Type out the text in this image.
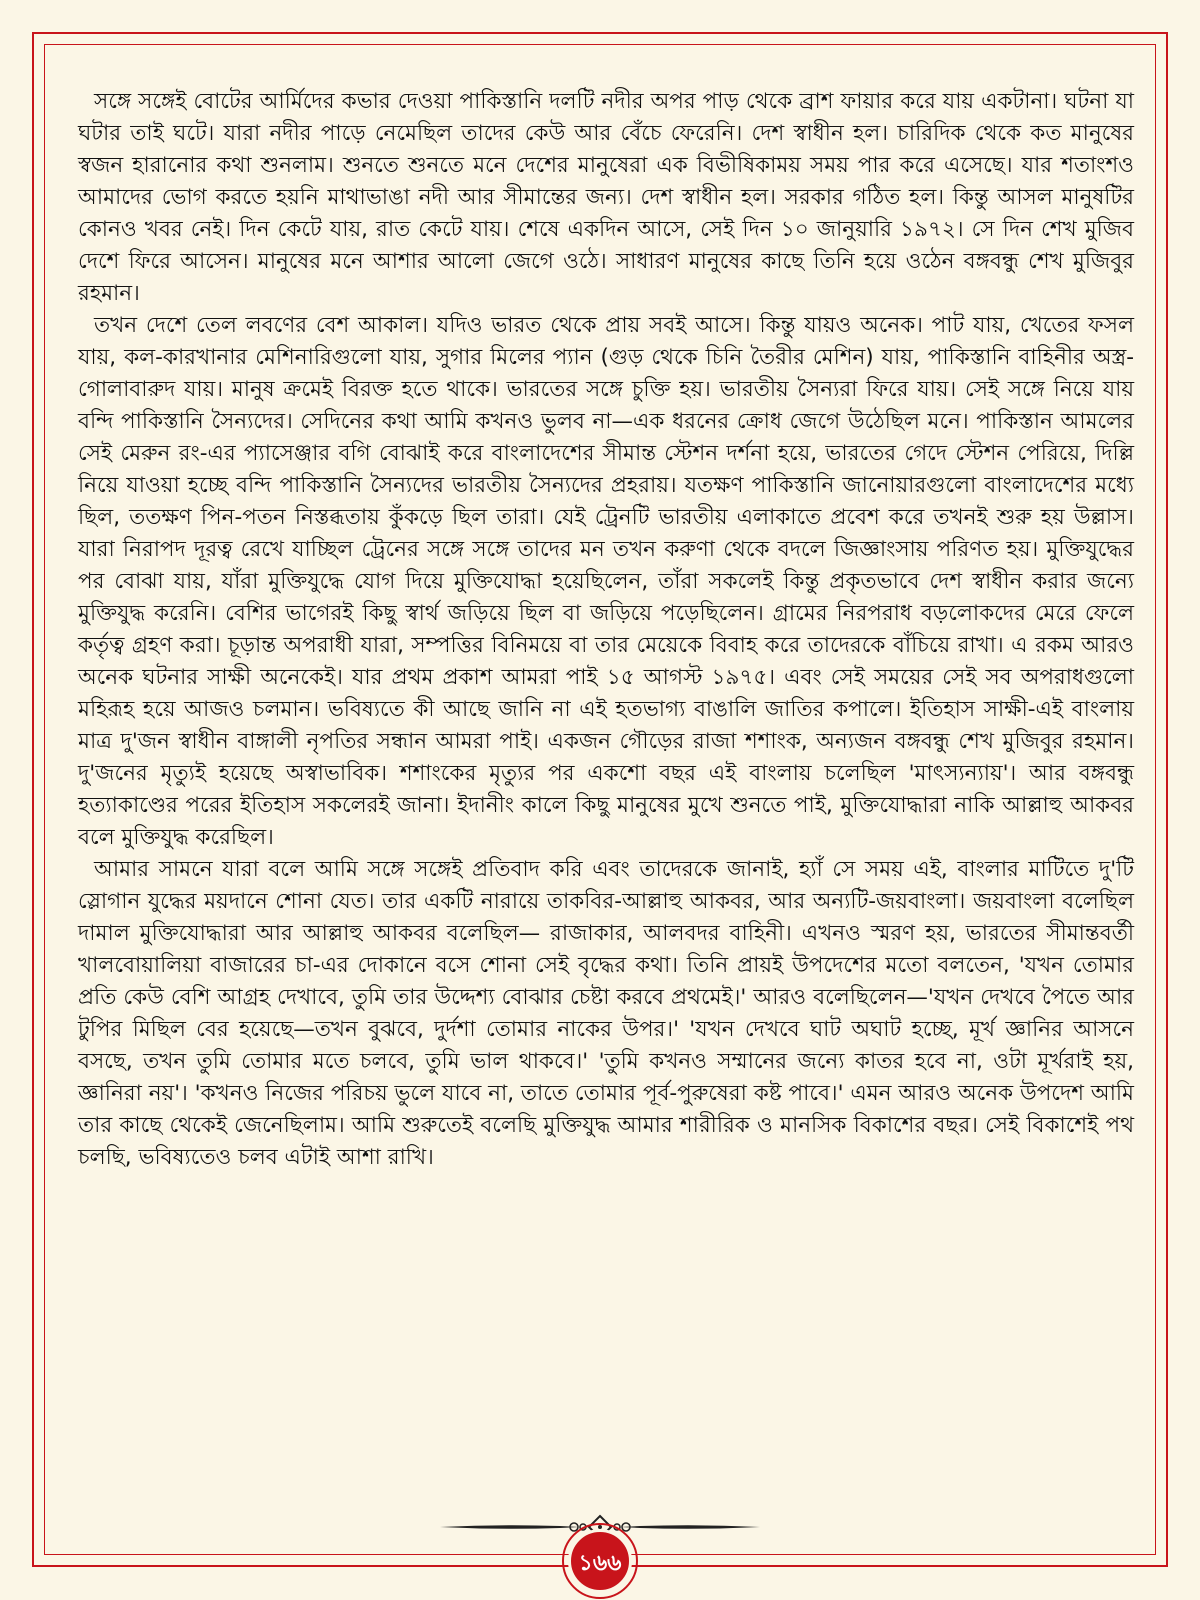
সঙ্গে সঙ্গেই বোটের আর্মিদের কভার দেওয়া পাকিস্তানি দলটি নদীর অপর পাড় থেকে ব্রাশ ফায়ার করে যায় একটানা। ঘটনা যা ঘটার তাই ঘটে। যারা নদীর পাড়ে নেমেছিল তাদের কেউ আর বেঁচে ফেরেনি। দেশ স্বাধীন হল। চারিদিক থেকে কত মানুষের স্বজন হারানোর কথা শুনলাম। শুনতে শুনতে মনে দেশের মানুষেরা এক বিভীষিকাময় সময় পার করে এসেছে। যার শতাংশও আমাদের ভোগ করতে হয়নি মাথাভাঙা নদী আর সীমান্তের জন্য। দেশ স্বাধীন হল। সরকার গঠিত হল। কিন্তু আসল মানুষটির কোনও খবর নেই। দিন কেটে যায়, রাত কেটে যায়। শেষে একদিন আসে, সেই দিন ১০ জানুয়ারি ১৯৭২। সে দিন শেখ মুজিব দেশে ফিরে আসেন। মানুষের মনে আশার আলো জেগে ওঠে। সাধারণ মানুষের কাছে তিনি হয়ে ওঠেন বঙ্গবন্ধু শেখ মুজিবুর রহমান।

তখন দেশে তেল লবণের বেশ আকাল। যদিও ভারত থেকে প্রায় সবই আসে। কিন্তু যায়ও অনেক। পাট যায়, খেতের ফসল যায়, কল-কারখানার মেশিনারিগুলো যায়, সুগার মিলের প্যান (গুড় থেকে চিনি তৈরীর মেশিন) যায়, পাকিস্তানি বাহিনীর অস্ত্র-গোলাবারুদ যায়। মানুষ ক্রমেই বিরক্ত হতে থাকে। ভারতের সঙ্গে চুক্তি হয়। ভারতীয় সৈন্যরা ফিরে যায়। সেই সঙ্গে নিয়ে যায় বন্দি পাকিস্তানি সৈন্যদের। সেদিনের কথা আমি কখনও ভুলব না—এক ধরনের ক্রোধ জেগে উঠেছিল মনে। পাকিস্তান আমলের সেই মেরুন রং-এর প্যাসেঞ্জার বগি বোঝাই করে বাংলাদেশের সীমান্ত স্টেশন দর্শনা হয়ে, ভারতের গেদে স্টেশন পেরিয়ে, দিল্লি নিয়ে যাওয়া হচ্ছে বন্দি পাকিস্তানি সৈন্যদের ভারতীয় সৈন্যদের প্রহরায়। যতক্ষণ পাকিস্তানি জানোয়ারগুলো বাংলাদেশের মধ্যে ছিল, ততক্ষণ পিন-পতন নিস্তব্ধতায় কুঁকড়ে ছিল তারা। যেই ট্রেনটি ভারতীয় এলাকাতে প্রবেশ করে তখনই শুরু হয় উল্লাস। যারা নিরাপদ দূরত্ব রেখে যাচ্ছিল ট্রেনের সঙ্গে সঙ্গে তাদের মন তখন করুণা থেকে বদলে জিজ্ঞাংসায় পরিণত হয়। মুক্তিযুদ্ধের পর বোঝা যায়, যাঁরা মুক্তিযুদ্ধে যোগ দিয়ে মুক্তিযোদ্ধা হয়েছিলেন, তাঁরা সকলেই কিন্তু প্রকৃতভাবে দেশ স্বাধীন করার জন্যে মুক্তিযুদ্ধ করেনি। বেশির ভাগেরই কিছু স্বার্থ জড়িয়ে ছিল বা জড়িয়ে পড়েছিলেন। গ্রামের নিরপরাধ বড়লোকদের মেরে ফেলে কর্তৃত্ব গ্রহণ করা। চূড়ান্ত অপরাধী যারা, সম্পত্তির বিনিময়ে বা তার মেয়েকে বিবাহ করে তাদেরকে বাঁচিয়ে রাখা। এ রকম আরও অনেক ঘটনার সাক্ষী অনেকেই। যার প্রথম প্রকাশ আমরা পাই ১৫ আগস্ট ১৯৭৫। এবং সেই সময়ের সেই সব অপরাধগুলো মহিরূহ হয়ে আজও চলমান। ভবিষ্যতে কী আছে জানি না এই হতভাগ্য বাঙালি জাতির কপালে। ইতিহাস সাক্ষী-এই বাংলায় মাত্র দু'জন স্বাধীন বাঙ্গালী নৃপতির সন্ধান আমরা পাই। একজন গৌড়ের রাজা শশাংক, অন্যজন বঙ্গবন্ধু শেখ মুজিবুর রহমান। দু'জনের মৃত্যুই হয়েছে অস্বাভাবিক। শশাংকের মৃত্যুর পর একশো বছর এই বাংলায় চলেছিল 'মাৎস্যন্যায়'। আর বঙ্গবন্ধু হত্যাকাণ্ডের পরের ইতিহাস সকলেরই জানা। ইদানীং কালে কিছু মানুষের মুখে শুনতে পাই, মুক্তিযোদ্ধারা নাকি আল্লাহু আকবর বলে মুক্তিযুদ্ধ করেছিল।

আমার সামনে যারা বলে আমি সঙ্গে সঙ্গেই প্রতিবাদ করি এবং তাদেরকে জানাই, হ্যাঁ সে সময় এই, বাংলার মাটিতে দু'টি স্লোগান যুদ্ধের ময়দানে শোনা যেত। তার একটি নারায়ে তাকবির-আল্লাহু আকবর, আর অন্যটি-জয়বাংলা। জয়বাংলা বলেছিল দামাল মুক্তিযোদ্ধারা আর আল্লাহু আকবর বলেছিল— রাজাকার, আলবদর বাহিনী। এখনও স্মরণ হয়, ভারতের সীমান্তবর্তী খালবোয়ালিয়া বাজারের চা-এর দোকানে বসে শোনা সেই বৃদ্ধের কথা। তিনি প্রায়ই উপদেশের মতো বলতেন, 'যখন তোমার প্রতি কেউ বেশি আগ্রহ দেখাবে, তুমি তার উদ্দেশ্য বোঝার চেষ্টা করবে প্রথমেই।' আরও বলেছিলেন—'যখন দেখবে পৈতে আর টুপির মিছিল বের হয়েছে—তখন বুঝবে, দুর্দশা তোমার নাকের উপর।' 'যখন দেখবে ঘাট অঘাট হচ্ছে, মূর্খ জ্ঞানির আসনে বসছে, তখন তুমি তোমার মতে চলবে, তুমি ভাল থাকবে।' 'তুমি কখনও সম্মানের জন্যে কাতর হবে না, ওটা মূর্খরাই হয়, জ্ঞানিরা নয়'। 'কখনও নিজের পরিচয় ভুলে যাবে না, তাতে তোমার পূর্ব-পুরুষেরা কষ্ট পাবে।' এমন আরও অনেক উপদেশ আমি তার কাছে থেকেই জেনেছিলাম। আমি শুরুতেই বলেছি মুক্তিযুদ্ধ আমার শারীরিক ও মানসিক বিকাশের বছর। সেই বিকাশেই পথ চলছি, ভবিষ্যতেও চলব এটাই আশা রাখি।

১৬৬
